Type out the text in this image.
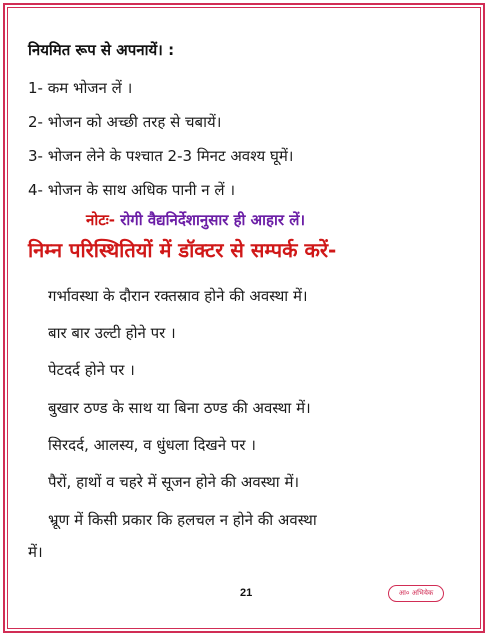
नियमित रूप से अपनायें। :
1- कम भोजन लें ।
2- भोजन को अच्छी तरह से चबायें।
3- भोजन लेने के पश्चात 2-3 मिनट अवश्य घूमें।
4- भोजन के साथ अधिक पानी न लें ।
नोटः- रोगी वैद्यनिर्देशानुसार ही आहार लें।
निम्न परिस्थितियों में डॉक्टर से सम्पर्क करें-
गर्भावस्था के दौरान रक्तस्राव होने की अवस्था में।
बार बार उल्टी होने पर ।
पेटदर्द होने पर ।
बुखार ठण्ड के साथ या बिना ठण्ड की अवस्था में।
सिरदर्द, आलस्य, व धुंधला दिखने पर ।
पैरों, हाथों व चहरे में सूजन होने की अवस्था में।
भ्रूण में किसी प्रकार कि हलचल न होने की अवस्था
में।
21	आ० अभियेक
